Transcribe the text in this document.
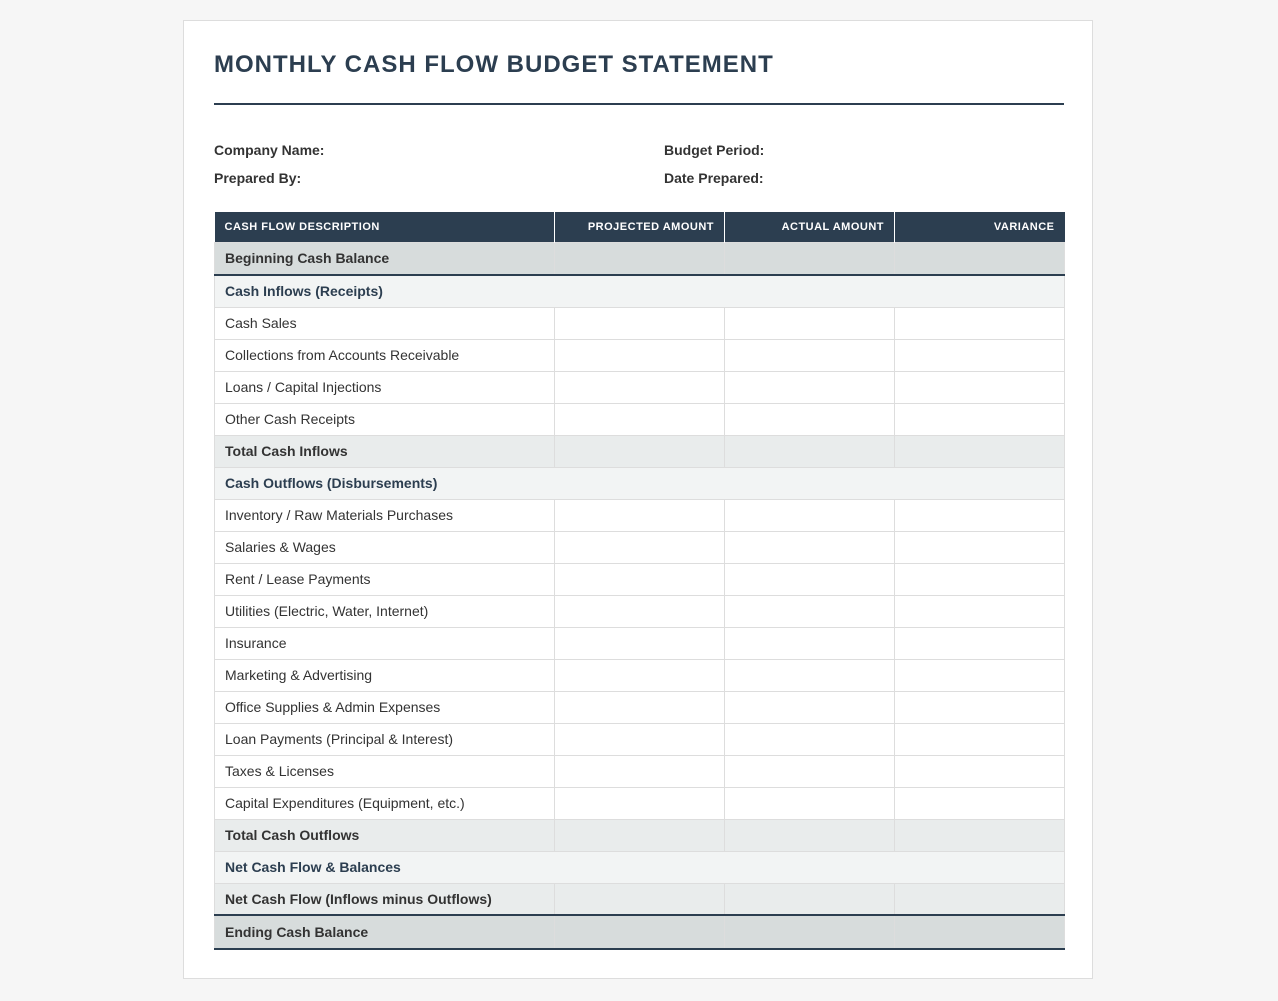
MONTHLY CASH FLOW BUDGET STATEMENT
Company Name:	Budget Period:
Prepared By:	Date Prepared:
CASH FLOW DESCRIPTION	PROJECTED AMOUNT	ACTUAL AMOUNT	VARIANCE
Beginning Cash Balance			
Cash Inflows (Receipts)			
Cash Sales			
Collections from Accounts Receivable			
Loans / Capital Injections			
Other Cash Receipts			
Total Cash Inflows			
Cash Outflows (Disbursements)			
Inventory / Raw Materials Purchases			
Salaries & Wages			
Rent / Lease Payments			
Utilities (Electric, Water, Internet)			
Insurance			
Marketing & Advertising			
Office Supplies & Admin Expenses			
Loan Payments (Principal & Interest)			
Taxes & Licenses			
Capital Expenditures (Equipment, etc.)			
Total Cash Outflows			
Net Cash Flow & Balances			
Net Cash Flow (Inflows minus Outflows)			
Ending Cash Balance			
